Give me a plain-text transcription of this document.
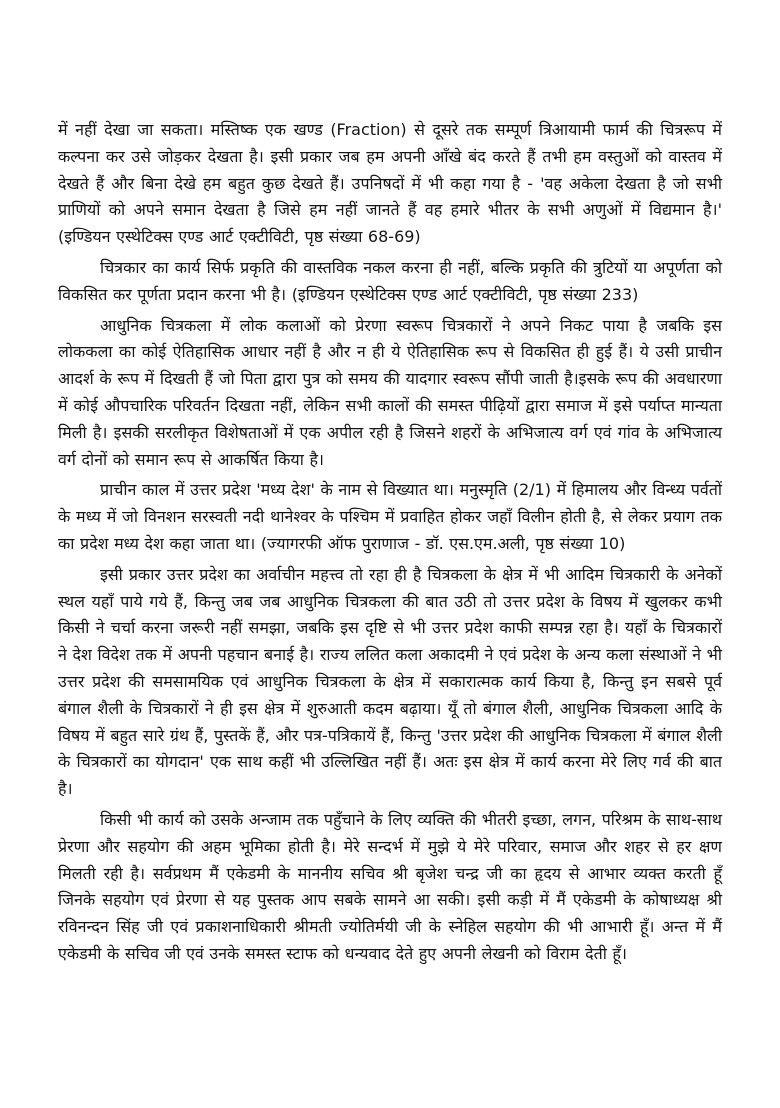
में नहीं देखा जा सकता। मस्तिष्क एक खण्ड (Fraction) से दूसरे तक सम्पूर्ण त्रिआयामी फार्म की चित्ररूप में कल्पना कर उसे जोड़कर देखता है। इसी प्रकार जब हम अपनी आँखे बंद करते हैं तभी हम वस्तुओं को वास्तव में देखते हैं और बिना देखे हम बहुत कुछ देखते हैं। उपनिषदों में भी कहा गया है - 'वह अकेला देखता है जो सभी प्राणियों को अपने समान देखता है जिसे हम नहीं जानते हैं वह हमारे भीतर के सभी अणुओं में विद्यमान है।' (इण्डियन एस्थेटिक्स एण्ड आर्ट एक्टीविटी, पृष्ठ संख्या 68-69)

चित्रकार का कार्य सिर्फ प्रकृति की वास्तविक नकल करना ही नहीं, बल्कि प्रकृति की त्रुटियों या अपूर्णता को विकसित कर पूर्णता प्रदान करना भी है। (इण्डियन एस्थेटिक्स एण्ड आर्ट एक्टीविटी, पृष्ठ संख्या 233)

आधुनिक चित्रकला में लोक कलाओं को प्रेरणा स्वरूप चित्रकारों ने अपने निकट पाया है जबकि इस लोककला का कोई ऐतिहासिक आधार नहीं है और न ही ये ऐतिहासिक रूप से विकसित ही हुई हैं। ये उसी प्राचीन आदर्श के रूप में दिखती हैं जो पिता द्वारा पुत्र को समय की यादगार स्वरूप सौंपी जाती है।इसके रूप की अवधारणा में कोई औपचारिक परिवर्तन दिखता नहीं, लेकिन सभी कालों की समस्त पीढ़ियों द्वारा समाज में इसे पर्याप्त मान्यता मिली है। इसकी सरलीकृत विशेषताओं में एक अपील रही है जिसने शहरों के अभिजात्य वर्ग एवं गांव के अभिजात्य वर्ग दोनों को समान रूप से आकर्षित किया है।

प्राचीन काल में उत्तर प्रदेश 'मध्य देश' के नाम से विख्यात था। मनुस्मृति (2/1) में हिमालय और विन्ध्य पर्वतों के मध्य में जो विनशन सरस्वती नदी थानेश्वर के पश्चिम में प्रवाहित होकर जहाँ विलीन होती है, से लेकर प्रयाग तक का प्रदेश मध्य देश कहा जाता था। (ज्यागरफी ऑफ पुराणाज - डॉ. एस.एम.अली, पृष्ठ संख्या 10)

इसी प्रकार उत्तर प्रदेश का अर्वाचीन महत्त्व तो रहा ही है चित्रकला के क्षेत्र में भी आदिम चित्रकारी के अनेकों स्थल यहाँ पाये गये हैं, किन्तु जब जब आधुनिक चित्रकला की बात उठी तो उत्तर प्रदेश के विषय में खुलकर कभी किसी ने चर्चा करना जरूरी नहीं समझा, जबकि इस दृष्टि से भी उत्तर प्रदेश काफी सम्पन्न रहा है। यहाँ के चित्रकारों ने देश विदेश तक में अपनी पहचान बनाई है। राज्य ललित कला अकादमी ने एवं प्रदेश के अन्य कला संस्थाओं ने भी उत्तर प्रदेश की समसामयिक एवं आधुनिक चित्रकला के क्षेत्र में सकारात्मक कार्य किया है, किन्तु इन सबसे पूर्व बंगाल शैली के चित्रकारों ने ही इस क्षेत्र में शुरुआती कदम बढ़ाया। यूँ तो बंगाल शैली, आधुनिक चित्रकला आदि के विषय में बहुत सारे ग्रंथ हैं, पुस्तकें हैं, और पत्र-पत्रिकायें हैं, किन्तु 'उत्तर प्रदेश की आधुनिक चित्रकला में बंगाल शैली के चित्रकारों का योगदान' एक साथ कहीं भी उल्लिखित नहीं हैं। अतः इस क्षेत्र में कार्य करना मेरे लिए गर्व की बात है।

किसी भी कार्य को उसके अन्जाम तक पहुँचाने के लिए व्यक्ति की भीतरी इच्छा, लगन, परिश्रम के साथ-साथ प्रेरणा और सहयोग की अहम भूमिका होती है। मेरे सन्दर्भ में मुझे ये मेरे परिवार, समाज और शहर से हर क्षण मिलती रही है। सर्वप्रथम मैं एकेडमी के माननीय सचिव श्री बृजेश चन्द्र जी का हृदय से आभार व्यक्त करती हूँ जिनके सहयोग एवं प्रेरणा से यह पुस्तक आप सबके सामने आ सकी। इसी कड़ी में मैं एकेडमी के कोषाध्यक्ष श्री रविनन्दन सिंह जी एवं प्रकाशनाधिकारी श्रीमती ज्योतिर्मयी जी के स्नेहिल सहयोग की भी आभारी हूँ। अन्त में मैं एकेडमी के सचिव जी एवं उनके समस्त स्टाफ को धन्यवाद देते हुए अपनी लेखनी को विराम देती हूँ।
